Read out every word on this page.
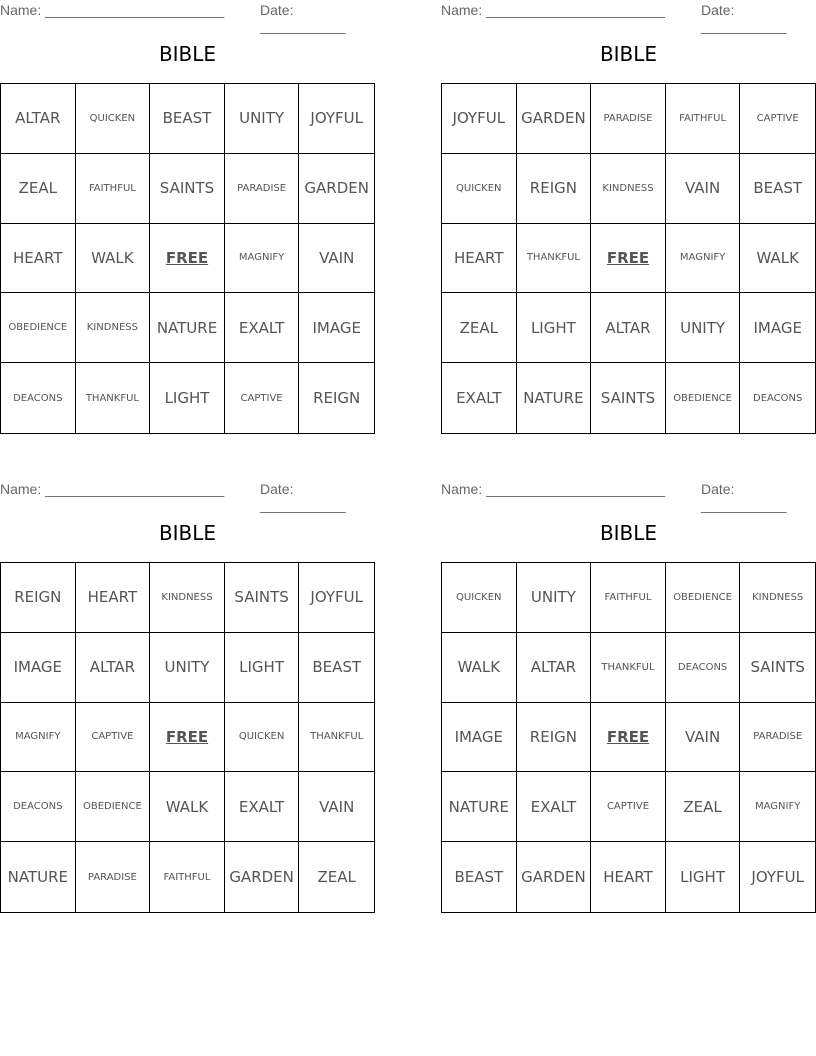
Name: _______________________	Date: ___________
BIBLE
ALTAR	QUICKEN	BEAST	UNITY	JOYFUL
ZEAL	FAITHFUL	SAINTS	PARADISE	GARDEN
HEART	WALK	FREE	MAGNIFY	VAIN
OBEDIENCE	KINDNESS	NATURE	EXALT	IMAGE
DEACONS	THANKFUL	LIGHT	CAPTIVE	REIGN
Name: _______________________	Date: ___________
BIBLE
JOYFUL	GARDEN	PARADISE	FAITHFUL	CAPTIVE
QUICKEN	REIGN	KINDNESS	VAIN	BEAST
HEART	THANKFUL	FREE	MAGNIFY	WALK
ZEAL	LIGHT	ALTAR	UNITY	IMAGE
EXALT	NATURE	SAINTS	OBEDIENCE	DEACONS
Name: _______________________	Date: ___________
BIBLE
REIGN	HEART	KINDNESS	SAINTS	JOYFUL
IMAGE	ALTAR	UNITY	LIGHT	BEAST
MAGNIFY	CAPTIVE	FREE	QUICKEN	THANKFUL
DEACONS	OBEDIENCE	WALK	EXALT	VAIN
NATURE	PARADISE	FAITHFUL	GARDEN	ZEAL
Name: _______________________	Date: ___________
BIBLE
QUICKEN	UNITY	FAITHFUL	OBEDIENCE	KINDNESS
WALK	ALTAR	THANKFUL	DEACONS	SAINTS
IMAGE	REIGN	FREE	VAIN	PARADISE
NATURE	EXALT	CAPTIVE	ZEAL	MAGNIFY
BEAST	GARDEN	HEART	LIGHT	JOYFUL
